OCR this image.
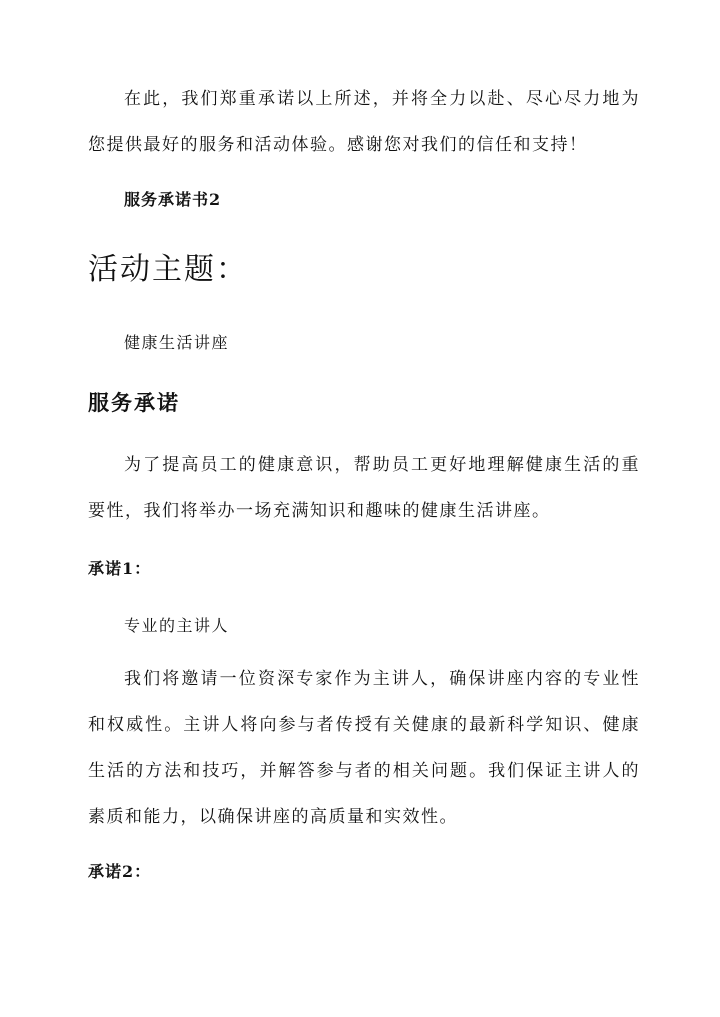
在此，我们郑重承诺以上所述，并将全力以赴、尽心尽力地为您提供最好的服务和活动体验。感谢您对我们的信任和支持！

服务承诺书2

活动主题：

健康生活讲座

服务承诺

为了提高员工的健康意识，帮助员工更好地理解健康生活的重要性，我们将举办一场充满知识和趣味的健康生活讲座。

承诺1：

专业的主讲人

我们将邀请一位资深专家作为主讲人，确保讲座内容的专业性和权威性。主讲人将向参与者传授有关健康的最新科学知识、健康生活的方法和技巧，并解答参与者的相关问题。我们保证主讲人的素质和能力，以确保讲座的高质量和实效性。

承诺2：
